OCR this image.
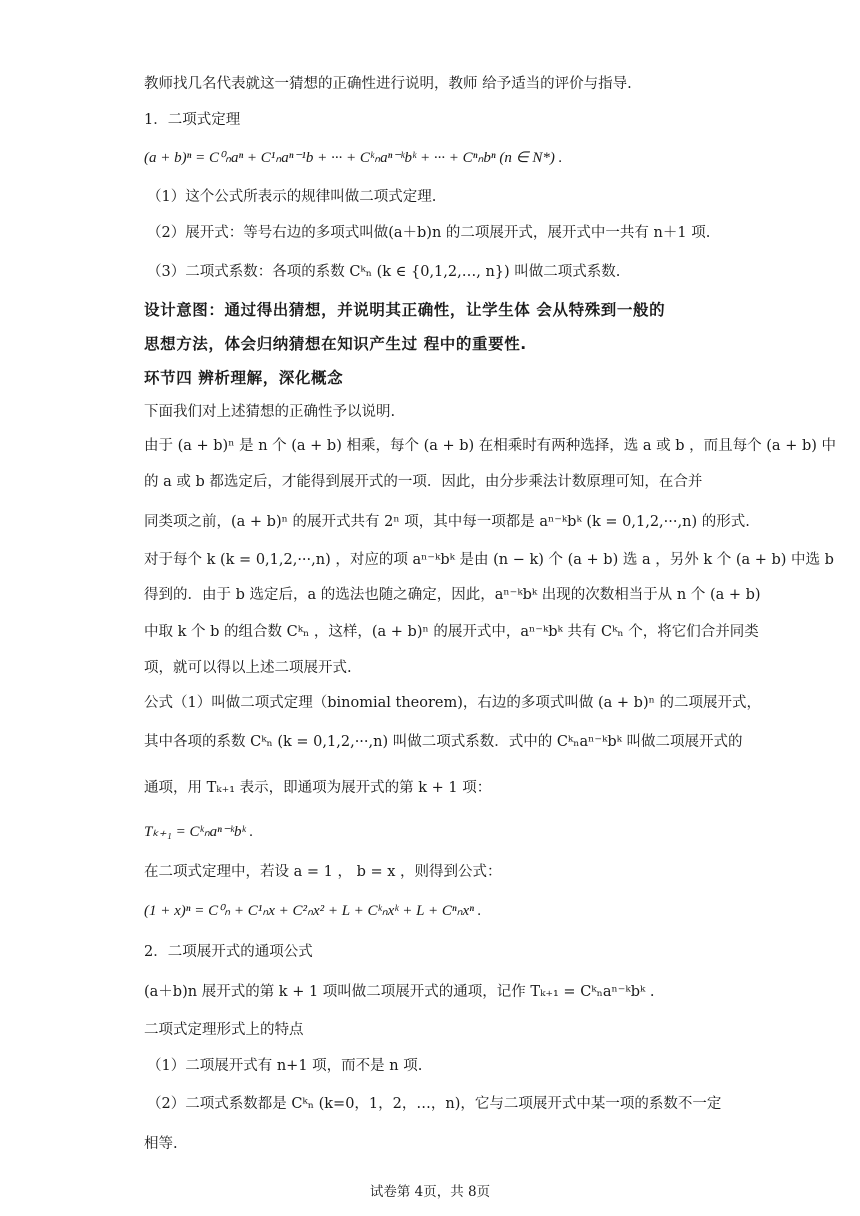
教师找几名代表就这一猜想的正确性进行说明，教师 给予适当的评价与指导.
1．二项式定理
(a + b)ⁿ = C⁰ₙaⁿ + C¹ₙaⁿ⁻¹b + ··· + Cᵏₙaⁿ⁻ᵏbᵏ + ··· + Cⁿₙbⁿ (n ∈ N*) .
（1）这个公式所表示的规律叫做二项式定理.
（2）展开式：等号右边的多项式叫做(a＋b)n 的二项展开式，展开式中一共有 n＋1 项.
（3）二项式系数：各项的系数 Cᵏₙ (k ∈ {0,1,2,…, n}) 叫做二项式系数.
设计意图：通过得出猜想，并说明其正确性，让学生体 会从特殊到一般的
思想方法，体会归纳猜想在知识产生过 程中的重要性.
环节四 辨析理解，深化概念
下面我们对上述猜想的正确性予以说明.
由于 (a + b)ⁿ 是 n 个 (a + b) 相乘，每个 (a + b) 在相乘时有两种选择，选 a 或 b ，而且每个 (a + b) 中
的 a 或 b 都选定后，才能得到展开式的一项．因此，由分步乘法计数原理可知，在合并
同类项之前，(a + b)ⁿ 的展开式共有 2ⁿ 项，其中每一项都是 aⁿ⁻ᵏbᵏ (k = 0,1,2,···,n) 的形式.
对于每个 k (k = 0,1,2,···,n) ，对应的项 aⁿ⁻ᵏbᵏ 是由 (n − k) 个 (a + b) 选 a ，另外 k 个 (a + b) 中选 b
得到的．由于 b 选定后，a 的选法也随之确定，因此，aⁿ⁻ᵏbᵏ 出现的次数相当于从 n 个 (a + b)
中取 k 个 b 的组合数 Cᵏₙ ，这样，(a + b)ⁿ 的展开式中，aⁿ⁻ᵏbᵏ 共有 Cᵏₙ 个，将它们合并同类
项，就可以得以上述二项展开式.
公式（1）叫做二项式定理（binomial theorem)，右边的多项式叫做 (a + b)ⁿ 的二项展开式，
其中各项的系数 Cᵏₙ (k = 0,1,2,···,n) 叫做二项式系数．式中的 Cᵏₙaⁿ⁻ᵏbᵏ 叫做二项展开式的
通项，用 Tₖ₊₁ 表示，即通项为展开式的第 k + 1 项：
Tₖ₊₁ = Cᵏₙaⁿ⁻ᵏbᵏ .
在二项式定理中，若设 a = 1 ， b = x ，则得到公式：
(1 + x)ⁿ = C⁰ₙ + C¹ₙx + C²ₙx² + L + Cᵏₙxᵏ + L + Cⁿₙxⁿ .
2．二项展开式的通项公式
(a＋b)n 展开式的第 k + 1 项叫做二项展开式的通项，记作 Tₖ₊₁ = Cᵏₙaⁿ⁻ᵏbᵏ .
二项式定理形式上的特点
（1）二项展开式有 n+1 项，而不是 n 项.
（2）二项式系数都是 Cᵏₙ (k=0，1，2，…，n)，它与二项展开式中某一项的系数不一定
相等.
试卷第 4页，共 8页
